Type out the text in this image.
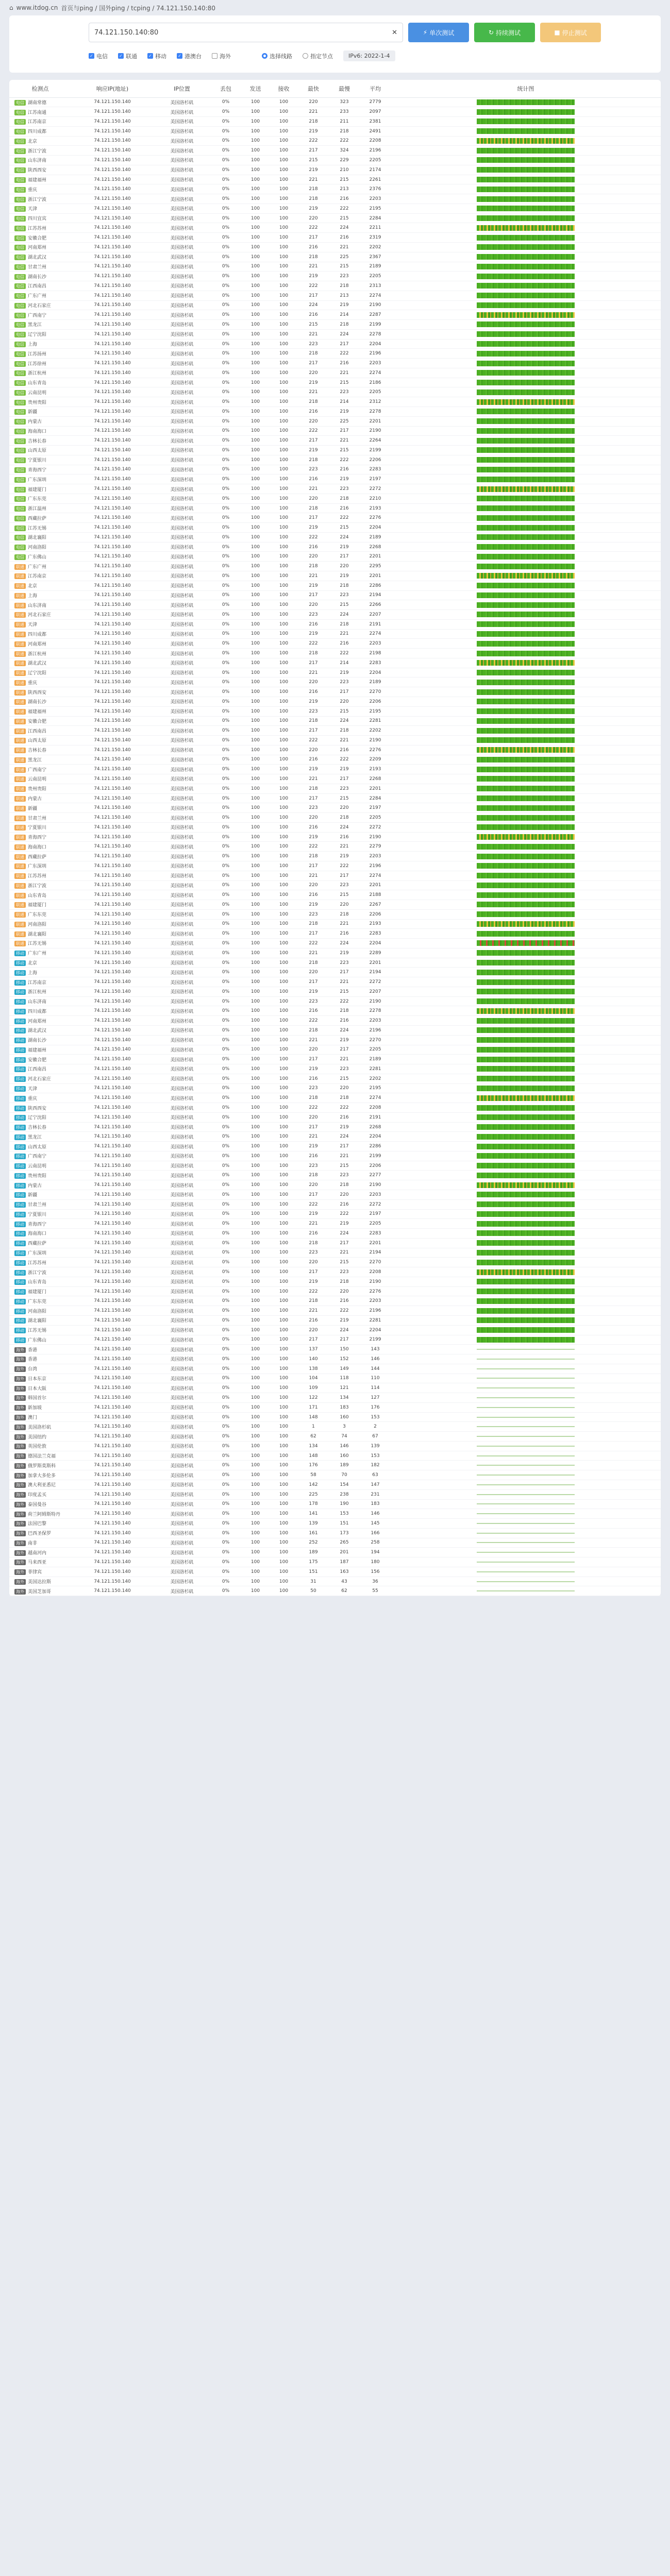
⌂ www.itdog.cn 首页与ping / 国外ping / tcping / 74.121.150.140:80
74.121.150.140:80	✕	⚡ 单次测试	↻ 持续测试	■ 停止测试
✓ 电信	✓ 联通	✓ 移动	✓ 港澳台	海外	选择线路	指定节点	IPv6: 2022-1-4
检测点	响应IP(地址)	IP位置	丢包	发送	接收	最快	最慢	平均	统计图
电信 湖南常德	74.121.150.140	美国洛杉矶	0%	100	100	220	323	2779	

电信 江苏南通	74.121.150.140	美国洛杉矶	0%	100	100	221	233	2097	

电信 江苏南京	74.121.150.140	美国洛杉矶	0%	100	100	218	211	2381	

电信 四川成都	74.121.150.140	美国洛杉矶	0%	100	100	219	218	2491	

电信 北京	74.121.150.140	美国洛杉矶	0%	100	100	222	222	2208	

电信 浙江宁波	74.121.150.140	美国洛杉矶	0%	100	100	217	324	2196	

电信 山东济南	74.121.150.140	美国洛杉矶	0%	100	100	215	229	2205	

电信 陕西西安	74.121.150.140	美国洛杉矶	0%	100	100	219	210	2174	

电信 福建福州	74.121.150.140	美国洛杉矶	0%	100	100	221	215	2261	

电信 重庆	74.121.150.140	美国洛杉矶	0%	100	100	218	213	2376	

电信 浙江宁波	74.121.150.140	美国洛杉矶	0%	100	100	218	216	2203	

电信 天津	74.121.150.140	美国洛杉矶	0%	100	100	219	222	2195	

电信 四川宜宾	74.121.150.140	美国洛杉矶	0%	100	100	220	215	2284	

电信 江苏苏州	74.121.150.140	美国洛杉矶	0%	100	100	222	224	2211	

电信 安徽合肥	74.121.150.140	美国洛杉矶	0%	100	100	217	216	2319	

电信 河南郑州	74.121.150.140	美国洛杉矶	0%	100	100	216	221	2202	

电信 湖北武汉	74.121.150.140	美国洛杉矶	0%	100	100	218	225	2367	

电信 甘肃兰州	74.121.150.140	美国洛杉矶	0%	100	100	221	215	2189	

电信 湖南长沙	74.121.150.140	美国洛杉矶	0%	100	100	219	223	2205	

电信 江西南昌	74.121.150.140	美国洛杉矶	0%	100	100	222	218	2313	

电信 广东广州	74.121.150.140	美国洛杉矶	0%	100	100	217	213	2274	

电信 河北石家庄	74.121.150.140	美国洛杉矶	0%	100	100	224	219	2190	

电信 广西南宁	74.121.150.140	美国洛杉矶	0%	100	100	216	214	2287	

电信 黑龙江	74.121.150.140	美国洛杉矶	0%	100	100	215	218	2199	

电信 辽宁沈阳	74.121.150.140	美国洛杉矶	0%	100	100	221	224	2278	

电信 上海	74.121.150.140	美国洛杉矶	0%	100	100	223	217	2204	

电信 江苏扬州	74.121.150.140	美国洛杉矶	0%	100	100	218	222	2196	

电信 江苏徐州	74.121.150.140	美国洛杉矶	0%	100	100	217	216	2203	

电信 浙江杭州	74.121.150.140	美国洛杉矶	0%	100	100	220	221	2274	

电信 山东青岛	74.121.150.140	美国洛杉矶	0%	100	100	219	215	2186	

电信 云南昆明	74.121.150.140	美国洛杉矶	0%	100	100	221	223	2205	

电信 贵州贵阳	74.121.150.140	美国洛杉矶	0%	100	100	218	214	2312	

电信 新疆	74.121.150.140	美国洛杉矶	0%	100	100	216	219	2278	

电信 内蒙古	74.121.150.140	美国洛杉矶	0%	100	100	220	225	2201	

电信 海南海口	74.121.150.140	美国洛杉矶	0%	100	100	222	217	2190	

电信 吉林长春	74.121.150.140	美国洛杉矶	0%	100	100	217	221	2264	

电信 山西太原	74.121.150.140	美国洛杉矶	0%	100	100	219	215	2199	

电信 宁夏银川	74.121.150.140	美国洛杉矶	0%	100	100	218	222	2206	

电信 青海西宁	74.121.150.140	美国洛杉矶	0%	100	100	223	216	2283	

电信 广东深圳	74.121.150.140	美国洛杉矶	0%	100	100	216	219	2197	

电信 福建厦门	74.121.150.140	美国洛杉矶	0%	100	100	221	223	2272	

电信 广东东莞	74.121.150.140	美国洛杉矶	0%	100	100	220	218	2210	

电信 浙江温州	74.121.150.140	美国洛杉矶	0%	100	100	218	216	2193	

电信 西藏拉萨	74.121.150.140	美国洛杉矶	0%	100	100	217	222	2276	

电信 江苏无锡	74.121.150.140	美国洛杉矶	0%	100	100	219	215	2204	

电信 湖北襄阳	74.121.150.140	美国洛杉矶	0%	100	100	222	224	2189	

电信 河南洛阳	74.121.150.140	美国洛杉矶	0%	100	100	216	219	2268	

电信 广东佛山	74.121.150.140	美国洛杉矶	0%	100	100	220	217	2201	

联通 广东广州	74.121.150.140	美国洛杉矶	0%	100	100	218	220	2295	

联通 江苏南京	74.121.150.140	美国洛杉矶	0%	100	100	221	219	2201	

联通 北京	74.121.150.140	美国洛杉矶	0%	100	100	219	218	2286	

联通 上海	74.121.150.140	美国洛杉矶	0%	100	100	217	223	2194	

联通 山东济南	74.121.150.140	美国洛杉矶	0%	100	100	220	215	2266	

联通 河北石家庄	74.121.150.140	美国洛杉矶	0%	100	100	223	224	2207	

联通 天津	74.121.150.140	美国洛杉矶	0%	100	100	216	218	2191	

联通 四川成都	74.121.150.140	美国洛杉矶	0%	100	100	219	221	2274	

联通 河南郑州	74.121.150.140	美国洛杉矶	0%	100	100	222	216	2203	

联通 浙江杭州	74.121.150.140	美国洛杉矶	0%	100	100	218	222	2198	

联通 湖北武汉	74.121.150.140	美国洛杉矶	0%	100	100	217	214	2283	

联通 辽宁沈阳	74.121.150.140	美国洛杉矶	0%	100	100	221	219	2204	

联通 重庆	74.121.150.140	美国洛杉矶	0%	100	100	220	223	2189	

联通 陕西西安	74.121.150.140	美国洛杉矶	0%	100	100	216	217	2270	

联通 湖南长沙	74.121.150.140	美国洛杉矶	0%	100	100	219	220	2206	

联通 福建福州	74.121.150.140	美国洛杉矶	0%	100	100	223	215	2195	

联通 安徽合肥	74.121.150.140	美国洛杉矶	0%	100	100	218	224	2281	

联通 江西南昌	74.121.150.140	美国洛杉矶	0%	100	100	217	218	2202	

联通 山西太原	74.121.150.140	美国洛杉矶	0%	100	100	222	221	2190	

联通 吉林长春	74.121.150.140	美国洛杉矶	0%	100	100	220	216	2276	

联通 黑龙江	74.121.150.140	美国洛杉矶	0%	100	100	216	222	2209	

联通 广西南宁	74.121.150.140	美国洛杉矶	0%	100	100	219	219	2193	

联通 云南昆明	74.121.150.140	美国洛杉矶	0%	100	100	221	217	2268	

联通 贵州贵阳	74.121.150.140	美国洛杉矶	0%	100	100	218	223	2201	

联通 内蒙古	74.121.150.140	美国洛杉矶	0%	100	100	217	215	2284	

联通 新疆	74.121.150.140	美国洛杉矶	0%	100	100	223	220	2197	

联通 甘肃兰州	74.121.150.140	美国洛杉矶	0%	100	100	220	218	2205	

联通 宁夏银川	74.121.150.140	美国洛杉矶	0%	100	100	216	224	2272	

联通 青海西宁	74.121.150.140	美国洛杉矶	0%	100	100	219	216	2190	

联通 海南海口	74.121.150.140	美国洛杉矶	0%	100	100	222	221	2279	

联通 西藏拉萨	74.121.150.140	美国洛杉矶	0%	100	100	218	219	2203	

联通 广东深圳	74.121.150.140	美国洛杉矶	0%	100	100	217	222	2196	

联通 江苏苏州	74.121.150.140	美国洛杉矶	0%	100	100	221	217	2274	

联通 浙江宁波	74.121.150.140	美国洛杉矶	0%	100	100	220	223	2201	

联通 山东青岛	74.121.150.140	美国洛杉矶	0%	100	100	216	215	2188	

联通 福建厦门	74.121.150.140	美国洛杉矶	0%	100	100	219	220	2267	

联通 广东东莞	74.121.150.140	美国洛杉矶	0%	100	100	223	218	2206	

联通 河南洛阳	74.121.150.140	美国洛杉矶	0%	100	100	218	221	2193	

联通 湖北襄阳	74.121.150.140	美国洛杉矶	0%	100	100	217	216	2283	

联通 江苏无锡	74.121.150.140	美国洛杉矶	0%	100	100	222	224	2204	

移动 广东广州	74.121.150.140	美国洛杉矶	0%	100	100	221	219	2289	

移动 北京	74.121.150.140	美国洛杉矶	0%	100	100	218	223	2201	

移动 上海	74.121.150.140	美国洛杉矶	0%	100	100	220	217	2194	

移动 江苏南京	74.121.150.140	美国洛杉矶	0%	100	100	217	221	2272	

移动 浙江杭州	74.121.150.140	美国洛杉矶	0%	100	100	219	215	2207	

移动 山东济南	74.121.150.140	美国洛杉矶	0%	100	100	223	222	2190	

移动 四川成都	74.121.150.140	美国洛杉矶	0%	100	100	216	218	2278	

移动 河南郑州	74.121.150.140	美国洛杉矶	0%	100	100	222	216	2203	

移动 湖北武汉	74.121.150.140	美国洛杉矶	0%	100	100	218	224	2196	

移动 湖南长沙	74.121.150.140	美国洛杉矶	0%	100	100	221	219	2270	

移动 福建福州	74.121.150.140	美国洛杉矶	0%	100	100	220	217	2205	

移动 安徽合肥	74.121.150.140	美国洛杉矶	0%	100	100	217	221	2189	

移动 江西南昌	74.121.150.140	美国洛杉矶	0%	100	100	219	223	2281	

移动 河北石家庄	74.121.150.140	美国洛杉矶	0%	100	100	216	215	2202	

移动 天津	74.121.150.140	美国洛杉矶	0%	100	100	223	220	2195	

移动 重庆	74.121.150.140	美国洛杉矶	0%	100	100	218	218	2274	

移动 陕西西安	74.121.150.140	美国洛杉矶	0%	100	100	222	222	2208	

移动 辽宁沈阳	74.121.150.140	美国洛杉矶	0%	100	100	220	216	2191	

移动 吉林长春	74.121.150.140	美国洛杉矶	0%	100	100	217	219	2268	

移动 黑龙江	74.121.150.140	美国洛杉矶	0%	100	100	221	224	2204	

移动 山西太原	74.121.150.140	美国洛杉矶	0%	100	100	219	217	2286	

移动 广西南宁	74.121.150.140	美国洛杉矶	0%	100	100	216	221	2199	

移动 云南昆明	74.121.150.140	美国洛杉矶	0%	100	100	223	215	2206	

移动 贵州贵阳	74.121.150.140	美国洛杉矶	0%	100	100	218	223	2277	

移动 内蒙古	74.121.150.140	美国洛杉矶	0%	100	100	220	218	2190	

移动 新疆	74.121.150.140	美国洛杉矶	0%	100	100	217	220	2203	

移动 甘肃兰州	74.121.150.140	美国洛杉矶	0%	100	100	222	216	2272	

移动 宁夏银川	74.121.150.140	美国洛杉矶	0%	100	100	219	222	2197	

移动 青海西宁	74.121.150.140	美国洛杉矶	0%	100	100	221	219	2205	

移动 海南海口	74.121.150.140	美国洛杉矶	0%	100	100	216	224	2283	

移动 西藏拉萨	74.121.150.140	美国洛杉矶	0%	100	100	218	217	2201	

移动 广东深圳	74.121.150.140	美国洛杉矶	0%	100	100	223	221	2194	

移动 江苏苏州	74.121.150.140	美国洛杉矶	0%	100	100	220	215	2270	

移动 浙江宁波	74.121.150.140	美国洛杉矶	0%	100	100	217	223	2208	

移动 山东青岛	74.121.150.140	美国洛杉矶	0%	100	100	219	218	2190	

移动 福建厦门	74.121.150.140	美国洛杉矶	0%	100	100	222	220	2276	

移动 广东东莞	74.121.150.140	美国洛杉矶	0%	100	100	218	216	2203	

移动 河南洛阳	74.121.150.140	美国洛杉矶	0%	100	100	221	222	2196	

移动 湖北襄阳	74.121.150.140	美国洛杉矶	0%	100	100	216	219	2281	

移动 江苏无锡	74.121.150.140	美国洛杉矶	0%	100	100	220	224	2204	

移动 广东佛山	74.121.150.140	美国洛杉矶	0%	100	100	217	217	2199	

海外 香港	74.121.150.140	美国洛杉矶	0%	100	100	137	150	143	

海外 香港	74.121.150.140	美国洛杉矶	0%	100	100	140	152	146	

海外 台湾	74.121.150.140	美国洛杉矶	0%	100	100	138	149	144	

海外 日本东京	74.121.150.140	美国洛杉矶	0%	100	100	104	118	110	

海外 日本大阪	74.121.150.140	美国洛杉矶	0%	100	100	109	121	114	

海外 韩国首尔	74.121.150.140	美国洛杉矶	0%	100	100	122	134	127	

海外 新加坡	74.121.150.140	美国洛杉矶	0%	100	100	171	183	176	

海外 澳门	74.121.150.140	美国洛杉矶	0%	100	100	148	160	153	

海外 美国洛杉矶	74.121.150.140	美国洛杉矶	0%	100	100	1	3	2	

海外 美国纽约	74.121.150.140	美国洛杉矶	0%	100	100	62	74	67	

海外 英国伦敦	74.121.150.140	美国洛杉矶	0%	100	100	134	146	139	

海外 德国法兰克福	74.121.150.140	美国洛杉矶	0%	100	100	148	160	153	

海外 俄罗斯莫斯科	74.121.150.140	美国洛杉矶	0%	100	100	176	189	182	

海外 加拿大多伦多	74.121.150.140	美国洛杉矶	0%	100	100	58	70	63	

海外 澳大利亚悉尼	74.121.150.140	美国洛杉矶	0%	100	100	142	154	147	

海外 印度孟买	74.121.150.140	美国洛杉矶	0%	100	100	225	238	231	

海外 泰国曼谷	74.121.150.140	美国洛杉矶	0%	100	100	178	190	183	

海外 荷兰阿姆斯特丹	74.121.150.140	美国洛杉矶	0%	100	100	141	153	146	

海外 法国巴黎	74.121.150.140	美国洛杉矶	0%	100	100	139	151	145	

海外 巴西圣保罗	74.121.150.140	美国洛杉矶	0%	100	100	161	173	166	

海外 南非	74.121.150.140	美国洛杉矶	0%	100	100	252	265	258	

海外 越南河内	74.121.150.140	美国洛杉矶	0%	100	100	189	201	194	

海外 马来西亚	74.121.150.140	美国洛杉矶	0%	100	100	175	187	180	

海外 菲律宾	74.121.150.140	美国洛杉矶	0%	100	100	151	163	156	

海外 美国达拉斯	74.121.150.140	美国洛杉矶	0%	100	100	31	43	36	

海外 美国芝加哥	74.121.150.140	美国洛杉矶	0%	100	100	50	62	55	
